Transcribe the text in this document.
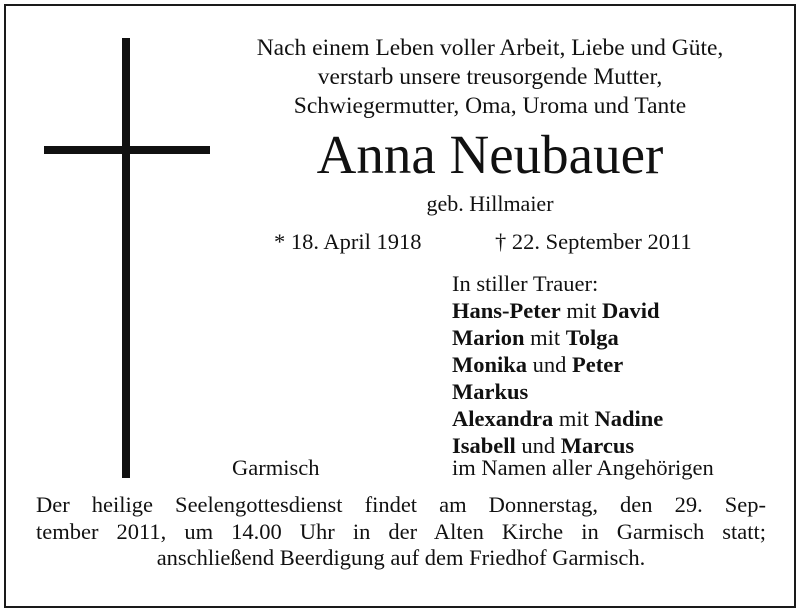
Nach einem Leben voller Arbeit, Liebe und Güte,
verstarb unsere treusorgende Mutter,
Schwiegermutter, Oma, Uroma und Tante
Anna Neubauer
geb. Hillmaier
* 18. April 1918	† 22. September 2011
In stiller Trauer:
Hans-Peter mit David
Marion mit Tolga
Monika und Peter
Markus
Alexandra mit Nadine
Isabell und Marcus
Garmisch	im Namen aller Angehörigen
Der heilige Seelengottesdienst findet am Donnerstag, den 29. Sep-
tember 2011, um 14.00 Uhr in der Alten Kirche in Garmisch statt;
anschließend Beerdigung auf dem Friedhof Garmisch.
